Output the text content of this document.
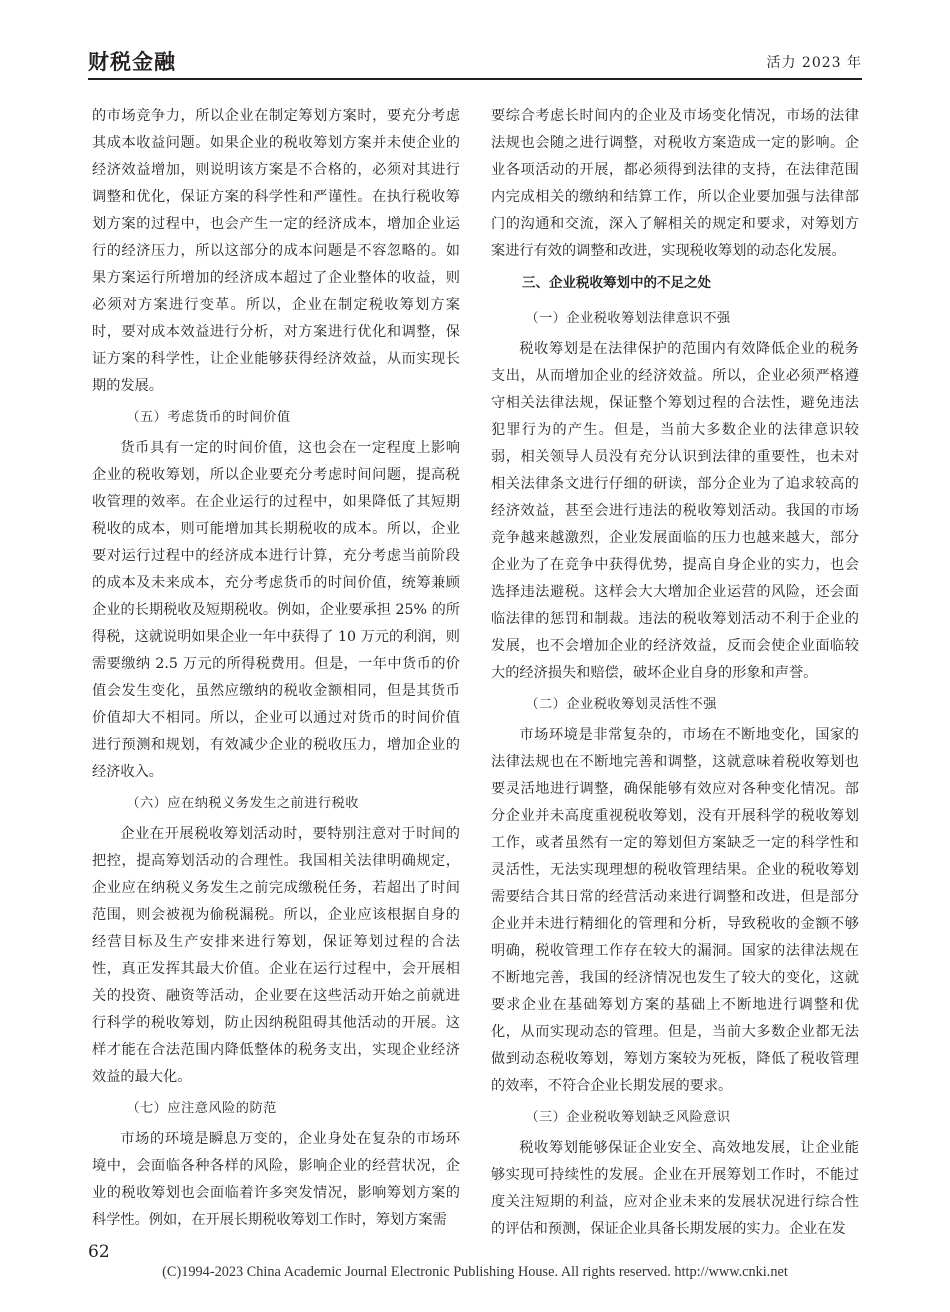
财税金融	活力 2023 年

的市场竞争力，所以企业在制定筹划方案时，要充分考虑其成本收益问题。如果企业的税收筹划方案并未使企业的经济效益增加，则说明该方案是不合格的，必须对其进行调整和优化，保证方案的科学性和严谨性。在执行税收筹划方案的过程中，也会产生一定的经济成本，增加企业运行的经济压力，所以这部分的成本问题是不容忽略的。如果方案运行所增加的经济成本超过了企业整体的收益，则必须对方案进行变革。所以，企业在制定税收筹划方案时，要对成本效益进行分析，对方案进行优化和调整，保证方案的科学性，让企业能够获得经济效益，从而实现长期的发展。

（五）考虑货币的时间价值

货币具有一定的时间价值，这也会在一定程度上影响企业的税收筹划，所以企业要充分考虑时间问题，提高税收管理的效率。在企业运行的过程中，如果降低了其短期税收的成本，则可能增加其长期税收的成本。所以，企业要对运行过程中的经济成本进行计算，充分考虑当前阶段的成本及未来成本，充分考虑货币的时间价值，统筹兼顾企业的长期税收及短期税收。例如，企业要承担 25% 的所得税，这就说明如果企业一年中获得了 10 万元的利润，则需要缴纳 2.5 万元的所得税费用。但是，一年中货币的价值会发生变化，虽然应缴纳的税收金额相同，但是其货币价值却大不相同。所以，企业可以通过对货币的时间价值进行预测和规划，有效减少企业的税收压力，增加企业的经济收入。

（六）应在纳税义务发生之前进行税收

企业在开展税收筹划活动时，要特别注意对于时间的把控，提高筹划活动的合理性。我国相关法律明确规定，企业应在纳税义务发生之前完成缴税任务，若超出了时间范围，则会被视为偷税漏税。所以，企业应该根据自身的经营目标及生产安排来进行筹划，保证筹划过程的合法性，真正发挥其最大价值。企业在运行过程中，会开展相关的投资、融资等活动，企业要在这些活动开始之前就进行科学的税收筹划，防止因纳税阻碍其他活动的开展。这样才能在合法范围内降低整体的税务支出，实现企业经济效益的最大化。

（七）应注意风险的防范

市场的环境是瞬息万变的，企业身处在复杂的市场环境中，会面临各种各样的风险，影响企业的经营状况，企业的税收筹划也会面临着许多突发情况，影响筹划方案的科学性。例如，在开展长期税收筹划工作时，筹划方案需

要综合考虑长时间内的企业及市场变化情况，市场的法律法规也会随之进行调整，对税收方案造成一定的影响。企业各项活动的开展，都必须得到法律的支持，在法律范围内完成相关的缴纳和结算工作，所以企业要加强与法律部门的沟通和交流，深入了解相关的规定和要求，对筹划方案进行有效的调整和改进，实现税收筹划的动态化发展。

三、企业税收筹划中的不足之处

（一）企业税收筹划法律意识不强

税收筹划是在法律保护的范围内有效降低企业的税务支出，从而增加企业的经济效益。所以，企业必须严格遵守相关法律法规，保证整个筹划过程的合法性，避免违法犯罪行为的产生。但是，当前大多数企业的法律意识较弱，相关领导人员没有充分认识到法律的重要性，也未对相关法律条文进行仔细的研读，部分企业为了追求较高的经济效益，甚至会进行违法的税收筹划活动。我国的市场竞争越来越激烈，企业发展面临的压力也越来越大，部分企业为了在竞争中获得优势，提高自身企业的实力，也会选择违法避税。这样会大大增加企业运营的风险，还会面临法律的惩罚和制裁。违法的税收筹划活动不利于企业的发展，也不会增加企业的经济效益，反而会使企业面临较大的经济损失和赔偿，破坏企业自身的形象和声誉。

（二）企业税收筹划灵活性不强

市场环境是非常复杂的，市场在不断地变化，国家的法律法规也在不断地完善和调整，这就意味着税收筹划也要灵活地进行调整，确保能够有效应对各种变化情况。部分企业并未高度重视税收筹划，没有开展科学的税收筹划工作，或者虽然有一定的筹划但方案缺乏一定的科学性和灵活性，无法实现理想的税收管理结果。企业的税收筹划需要结合其日常的经营活动来进行调整和改进，但是部分企业并未进行精细化的管理和分析，导致税收的金额不够明确，税收管理工作存在较大的漏洞。国家的法律法规在不断地完善，我国的经济情况也发生了较大的变化，这就要求企业在基础筹划方案的基础上不断地进行调整和优化，从而实现动态的管理。但是，当前大多数企业都无法做到动态税收筹划，筹划方案较为死板，降低了税收管理的效率，不符合企业长期发展的要求。

（三）企业税收筹划缺乏风险意识

税收筹划能够保证企业安全、高效地发展，让企业能够实现可持续性的发展。企业在开展筹划工作时，不能过度关注短期的利益，应对企业未来的发展状况进行综合性的评估和预测，保证企业具备长期发展的实力。企业在发

62
(C)1994-2023 China Academic Journal Electronic Publishing House. All rights reserved. http://www.cnki.net
